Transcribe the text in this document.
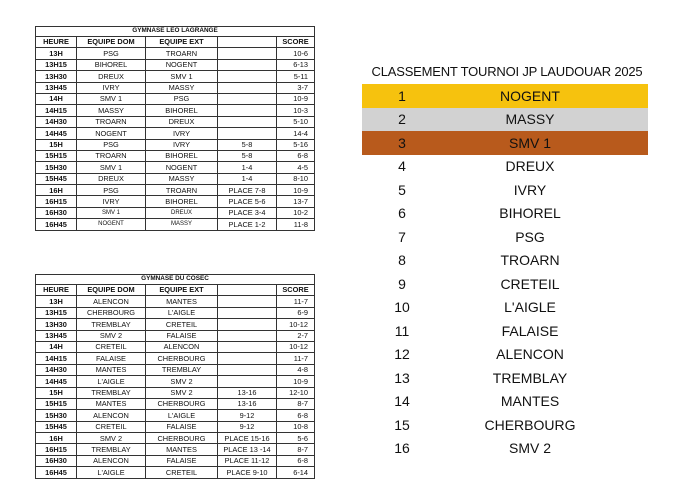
GYMNASE LEO LAGRANGE				
HEURE	EQUIPE DOM	EQUIPE EXT		SCORE
13H	PSG	TROARN		10-6
13H15	BIHOREL	NOGENT		6-13
13H30	DREUX	SMV 1		5-11
13H45	IVRY	MASSY		3-7
14H	SMV 1	PSG		10-9
14H15	MASSY	BIHOREL		10-3
14H30	TROARN	DREUX		5-10
14H45	NOGENT	IVRY		14-4
15H	PSG	IVRY	5-8	5-16
15H15	TROARN	BIHOREL	5-8	6-8
15H30	SMV 1	NOGENT	1-4	4-5
15H45	DREUX	MASSY	1-4	8-10
16H	PSG	TROARN	PLACE 7-8	10-9
16H15	IVRY	BIHOREL	PLACE 5-6	13-7
16H30	SMV 1	DREUX	PLACE 3-4	10-2
16H45	NOGENT	MASSY	PLACE 1-2	11-8
GYMNASE DU COSEC				
HEURE	EQUIPE DOM	EQUIPE EXT		SCORE
13H	ALENCON	MANTES		11-7
13H15	CHERBOURG	L'AIGLE		6-9
13H30	TREMBLAY	CRETEIL		10-12
13H45	SMV 2	FALAISE		2-7
14H	CRETEIL	ALENCON		10-12
14H15	FALAISE	CHERBOURG		11-7
14H30	MANTES	TREMBLAY		4-8
14H45	L'AIGLE	SMV 2		10-9
15H	TREMBLAY	SMV 2	13-16	12-10
15H15	MANTES	CHERBOURG	13-16	8-7
15H30	ALENCON	L'AIGLE	9-12	6-8
15H45	CRETEIL	FALAISE	9-12	10-8
16H	SMV 2	CHERBOURG	PLACE 15-16	5-6
16H15	TREMBLAY	MANTES	PLACE 13 -14	8-7
16H30	ALENCON	FALAISE	PLACE 11-12	6-8
16H45	L'AIGLE	CRETEIL	PLACE 9-10	6-14
CLASSEMENT TOURNOI JP LAUDOUAR 2025
1	NOGENT
2	MASSY
3	SMV 1
4	DREUX
5	IVRY
6	BIHOREL
7	PSG
8	TROARN
9	CRETEIL
10	L'AIGLE
11	FALAISE
12	ALENCON
13	TREMBLAY
14	MANTES
15	CHERBOURG
16	SMV 2
